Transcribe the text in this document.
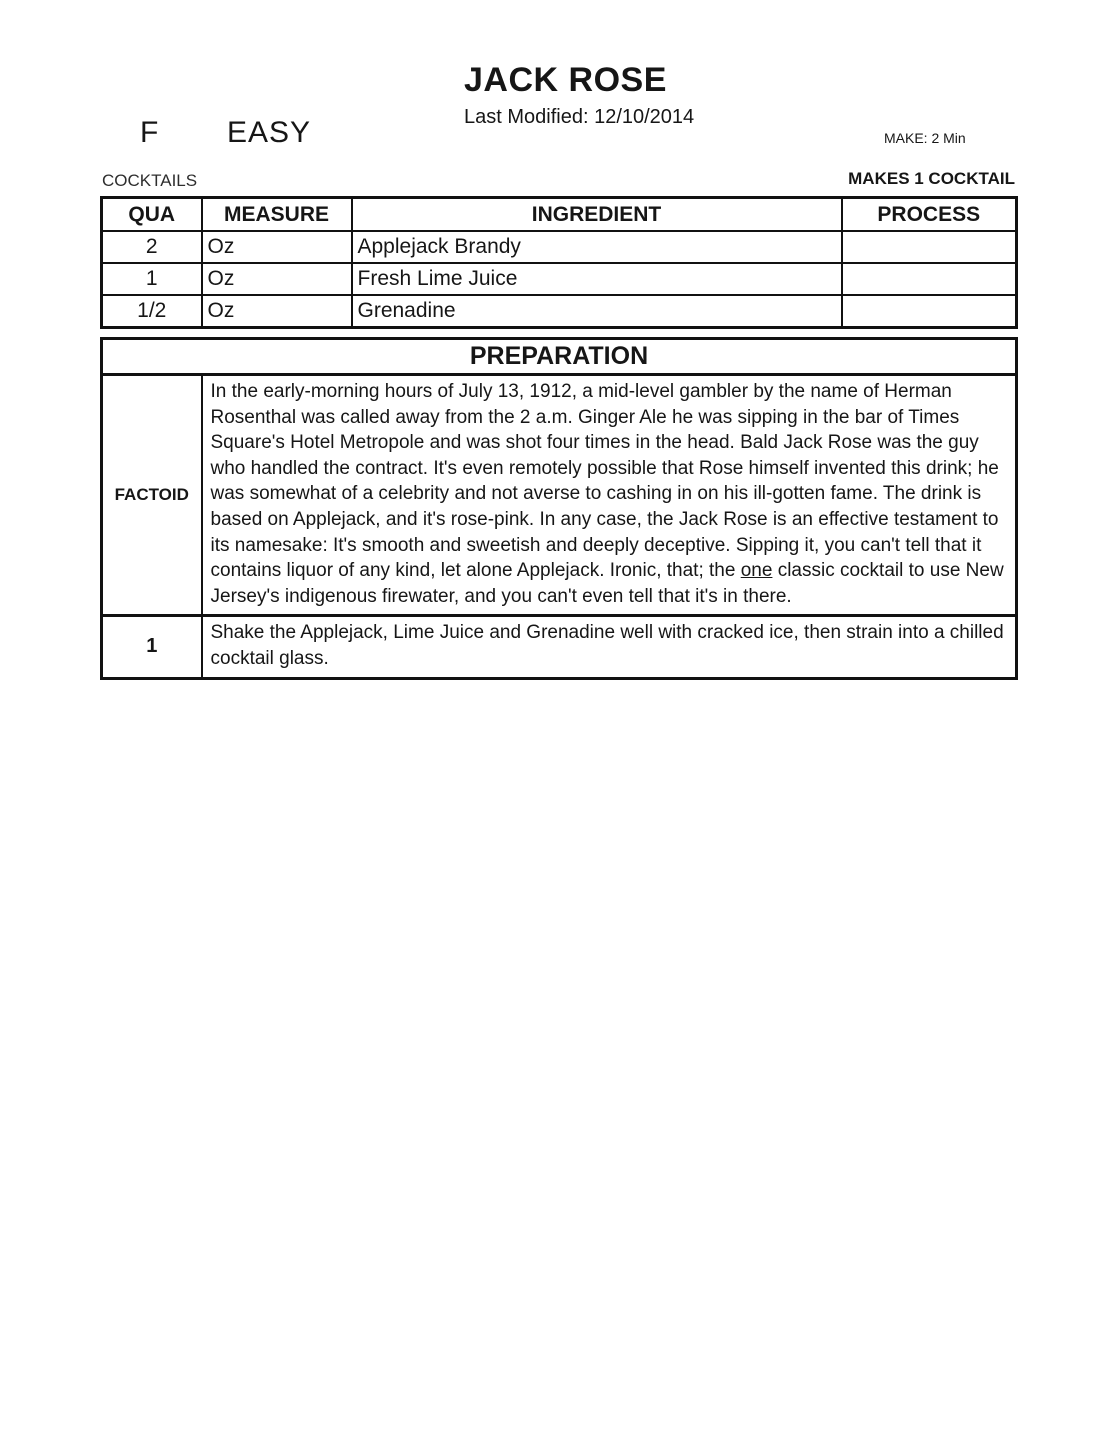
JACK ROSE
Last Modified: 12/10/2014
F EASY	MAKE: 2 Min
COCKTAILS	MAKES 1 COCKTAIL
QUA	MEASURE	INGREDIENT	PROCESS
2	Oz	Applejack Brandy	
1	Oz	Fresh Lime Juice	
1/2	Oz	Grenadine	
PREPARATION	
FACTOID	In the early-morning hours of July 13, 1912, a mid-level gambler by the name of Herman Rosenthal was called away from the 2 a.m. Ginger Ale he was sipping in the bar of Times Square's Hotel Metropole and was shot four times in the head. Bald Jack Rose was the guy who handled the contract. It's even remotely possible that Rose himself invented this drink; he was somewhat of a celebrity and not averse to cashing in on his ill-gotten fame. The drink is based on Applejack, and it's rose-pink. In any case, the Jack Rose is an effective testament to its namesake: It's smooth and sweetish and deeply deceptive. Sipping it, you can't tell that it contains liquor of any kind, let alone Applejack. Ironic, that; the one classic cocktail to use New Jersey's indigenous firewater, and you can't even tell that it's in there.
1	Shake the Applejack, Lime Juice and Grenadine well with cracked ice, then strain into a chilled cocktail glass.
